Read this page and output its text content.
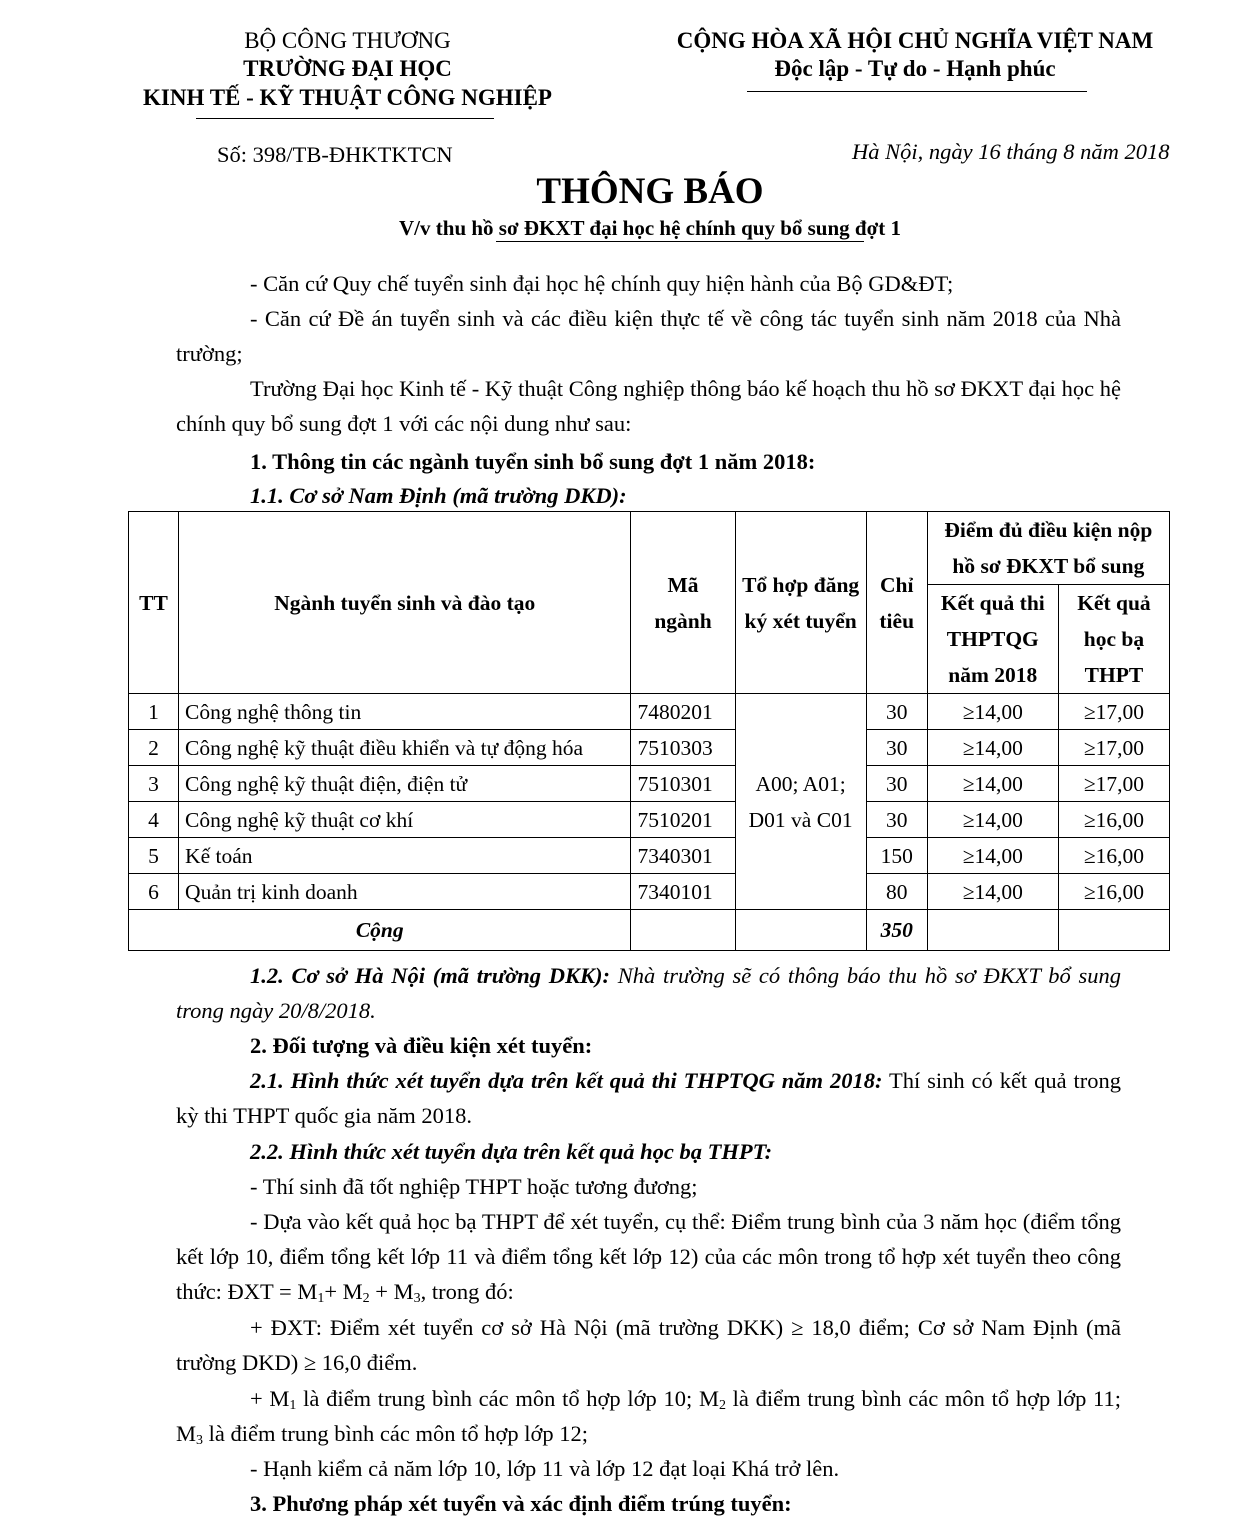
BỘ CÔNG THƯƠNG
TRƯỜNG ĐẠI HỌC
KINH TẾ - KỸ THUẬT CÔNG NGHIỆP
Số: 398/TB-ĐHKTKTCN
CỘNG HÒA XÃ HỘI CHỦ NGHĨA VIỆT NAM
Độc lập - Tự do - Hạnh phúc
Hà Nội, ngày 16 tháng 8 năm 2018
THÔNG BÁO
V/v thu hồ sơ ĐKXT đại học hệ chính quy bổ sung đợt 1
- Căn cứ Quy chế tuyển sinh đại học hệ chính quy hiện hành của Bộ GD&ĐT;
- Căn cứ Đề án tuyển sinh và các điều kiện thực tế về công tác tuyển sinh năm 2018 của Nhà trường;
Trường Đại học Kinh tế - Kỹ thuật Công nghiệp thông báo kế hoạch thu hồ sơ ĐKXT đại học hệ chính quy bổ sung đợt 1 với các nội dung như sau:
1. Thông tin các ngành tuyển sinh bổ sung đợt 1 năm 2018:
1.1. Cơ sở Nam Định (mã trường DKD):
TT	Ngành tuyển sinh và đào tạo	Mã ngành	Tổ hợp đăng ký xét tuyển	Chỉ tiêu	Điểm đủ điều kiện nộp hồ sơ ĐKXT bổ sung	
					Kết quả thi THPTQG năm 2018	Kết quả học bạ THPT
1	Công nghệ thông tin	7480201	A00; A01; D01 và C01	30	≥14,00	≥17,00
2	Công nghệ kỹ thuật điều khiển và tự động hóa	7510303		30	≥14,00	≥17,00
3	Công nghệ kỹ thuật điện, điện tử	7510301		30	≥14,00	≥17,00
4	Công nghệ kỹ thuật cơ khí	7510201		30	≥14,00	≥16,00
5	Kế toán	7340301		150	≥14,00	≥16,00
6	Quản trị kinh doanh	7340101		80	≥14,00	≥16,00
Cộng				350		
1.2. Cơ sở Hà Nội (mã trường DKK): Nhà trường sẽ có thông báo thu hồ sơ ĐKXT bổ sung trong ngày 20/8/2018.
2. Đối tượng và điều kiện xét tuyển:
2.1. Hình thức xét tuyển dựa trên kết quả thi THPTQG năm 2018: Thí sinh có kết quả trong kỳ thi THPT quốc gia năm 2018.
2.2. Hình thức xét tuyển dựa trên kết quả học bạ THPT:
- Thí sinh đã tốt nghiệp THPT hoặc tương đương;
- Dựa vào kết quả học bạ THPT để xét tuyển, cụ thể: Điểm trung bình của 3 năm học (điểm tổng kết lớp 10, điểm tổng kết lớp 11 và điểm tổng kết lớp 12) của các môn trong tổ hợp xét tuyển theo công thức: ĐXT = $M_1+ M_2 + M_3$, trong đó:
+ ĐXT: Điểm xét tuyển cơ sở Hà Nội (mã trường DKK) ≥ 18,0 điểm; Cơ sở Nam Định (mã trường DKD) ≥ 16,0 điểm.
+ $M_1$ là điểm trung bình các môn tổ hợp lớp 10; $M_2$ là điểm trung bình các môn tổ hợp lớp 11; $M_3$ là điểm trung bình các môn tổ hợp lớp 12;
- Hạnh kiểm cả năm lớp 10, lớp 11 và lớp 12 đạt loại Khá trở lên.
3. Phương pháp xét tuyển và xác định điểm trúng tuyển:
